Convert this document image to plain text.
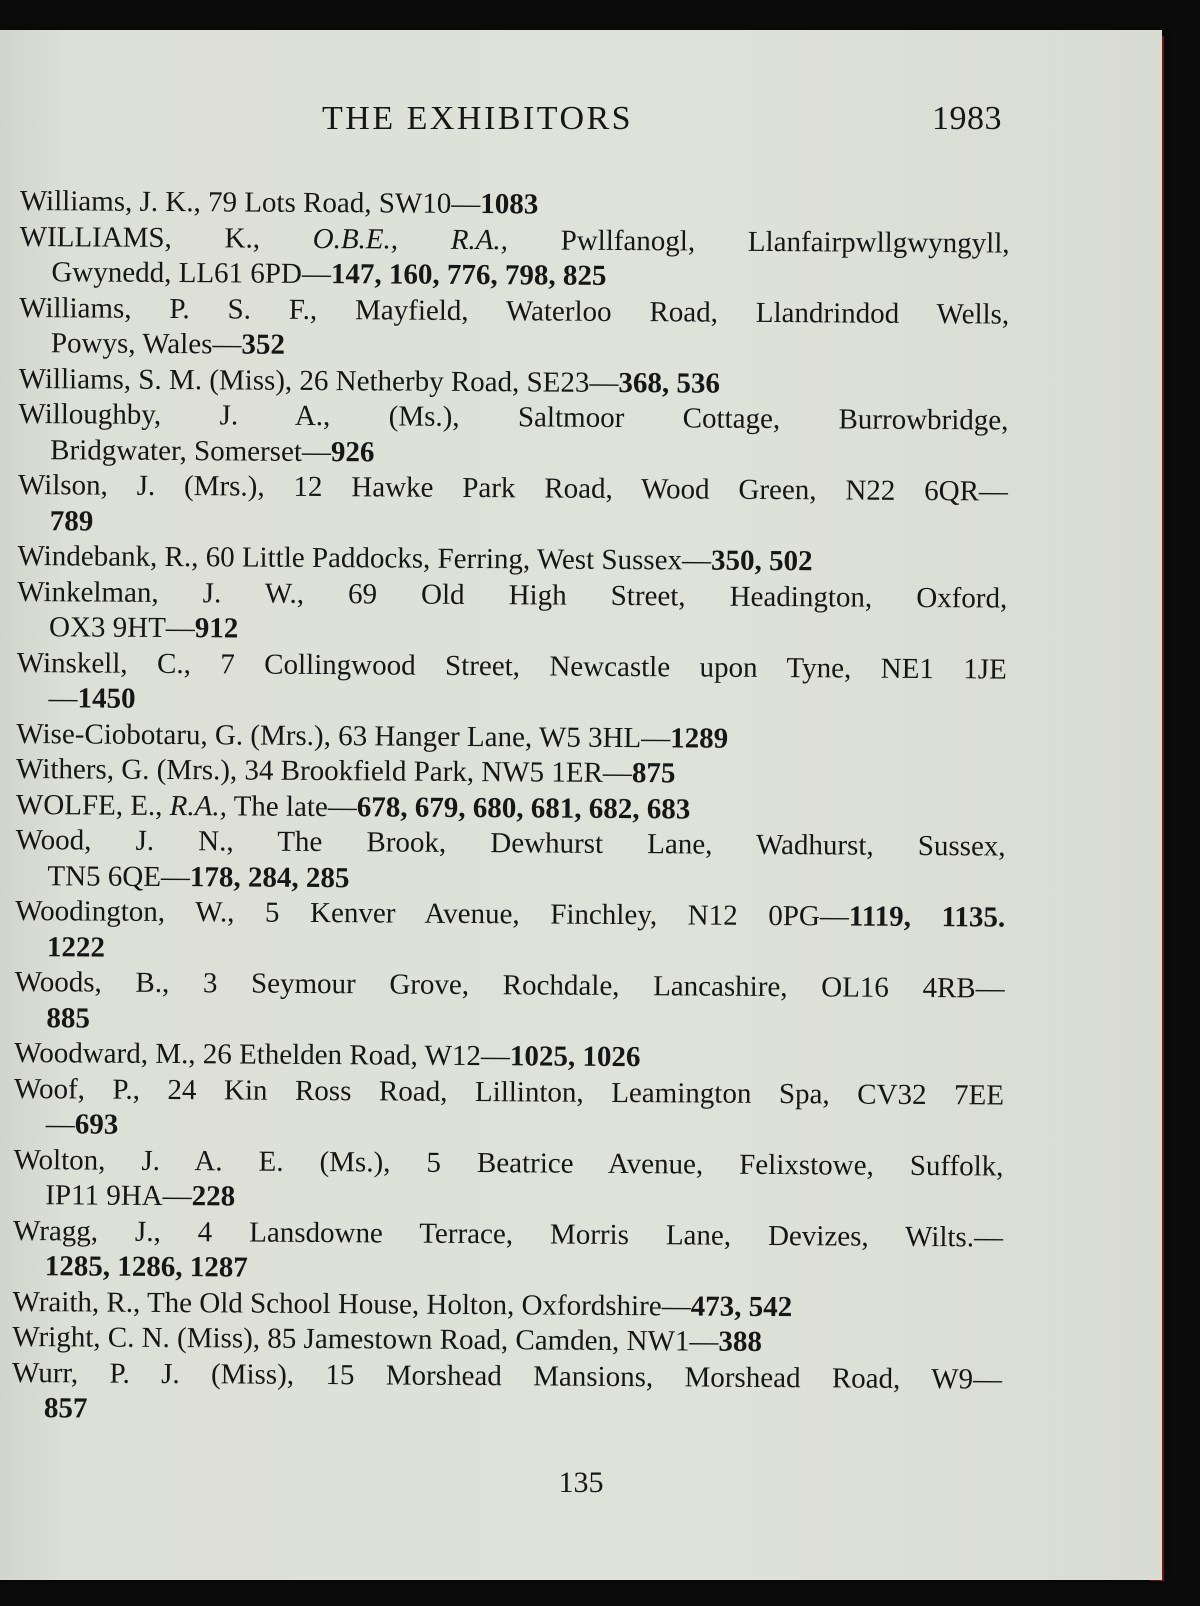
THE EXHIBITORS	1983
Williams, J. K., 79 Lots Road, SW10—1083
WILLIAMS, K., O.B.E., R.A., Pwllfanogl, Llanfairpwllgwyngyll,
Gwynedd, LL61 6PD—147, 160, 776, 798, 825
Williams, P. S. F., Mayfield, Waterloo Road, Llandrindod Wells,
Powys, Wales—352
Williams, S. M. (Miss), 26 Netherby Road, SE23—368, 536
Willoughby, J. A., (Ms.), Saltmoor Cottage, Burrowbridge,
Bridgwater, Somerset—926
Wilson, J. (Mrs.), 12 Hawke Park Road, Wood Green, N22 6QR—
789
Windebank, R., 60 Little Paddocks, Ferring, West Sussex—350, 502
Winkelman, J. W., 69 Old High Street, Headington, Oxford,
OX3 9HT—912
Winskell, C., 7 Collingwood Street, Newcastle upon Tyne, NE1 1JE
—1450
Wise-Ciobotaru, G. (Mrs.), 63 Hanger Lane, W5 3HL—1289
Withers, G. (Mrs.), 34 Brookfield Park, NW5 1ER—875
WOLFE, E., R.A., The late—678, 679, 680, 681, 682, 683
Wood, J. N., The Brook, Dewhurst Lane, Wadhurst, Sussex,
TN5 6QE—178, 284, 285
Woodington, W., 5 Kenver Avenue, Finchley, N12 0PG—1119, 1135.
1222
Woods, B., 3 Seymour Grove, Rochdale, Lancashire, OL16 4RB—
885
Woodward, M., 26 Ethelden Road, W12—1025, 1026
Woof, P., 24 Kin Ross Road, Lillinton, Leamington Spa, CV32 7EE
—693
Wolton, J. A. E. (Ms.), 5 Beatrice Avenue, Felixstowe, Suffolk,
IP11 9HA—228
Wragg, J., 4 Lansdowne Terrace, Morris Lane, Devizes, Wilts.—
1285, 1286, 1287
Wraith, R., The Old School House, Holton, Oxfordshire—473, 542
Wright, C. N. (Miss), 85 Jamestown Road, Camden, NW1—388
Wurr, P. J. (Miss), 15 Morshead Mansions, Morshead Road, W9—
857
135
